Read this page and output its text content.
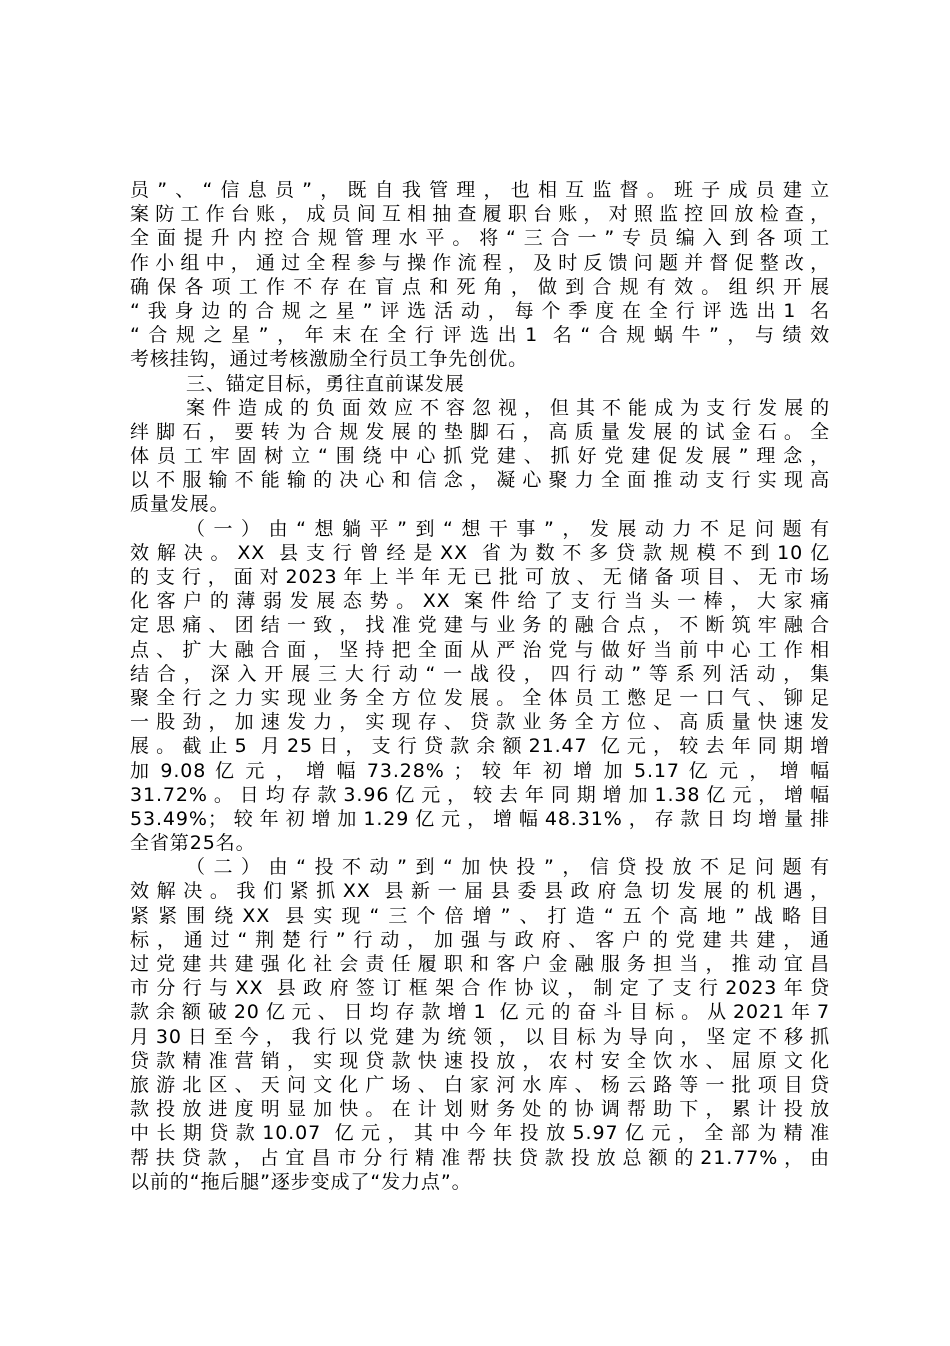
员”、“信息员”，既自我管理，也相互监督。班子成员建立
案防工作台账，成员间互相抽查履职台账，对照监控回放检查，
全面提升内控合规管理水平。将“三合一”专员编入到各项工
作小组中，通过全程参与操作流程，及时反馈问题并督促整改，
确保各项工作不存在盲点和死角，做到合规有效。组织开展
“我身边的合规之星”评选活动，每个季度在全行评选出1 名
“合规之星”，年末在全行评选出1 名“合规蜗牛”，与绩效
考核挂钩，通过考核激励全行员工争先创优。
三、锚定目标，勇往直前谋发展
案件造成的负面效应不容忽视，但其不能成为支行发展的
绊脚石，要转为合规发展的垫脚石，高质量发展的试金石。全
体员工牢固树立“围绕中心抓党建、抓好党建促发展”理念，
以不服输不能输的决心和信念，凝心聚力全面推动支行实现高
质量发展。
（一）由“想躺平”到“想干事”，发展动力不足问题有
效解决。XX 县支行曾经是XX 省为数不多贷款规模不到10亿
的支行，面对2023年上半年无已批可放、无储备项目、无市场
化客户的薄弱发展态势。XX 案件给了支行当头一棒，大家痛
定思痛、团结一致，找准党建与业务的融合点，不断筑牢融合
点、扩大融合面，坚持把全面从严治党与做好当前中心工作相
结合，深入开展三大行动“一战役，四行动”等系列活动，集
聚全行之力实现业务全方位发展。全体员工憋足一口气、铆足
一股劲，加速发力，实现存、贷款业务全方位、高质量快速发
展。截止5 月25日，支行贷款余额21.47 亿元，较去年同期增
加 9.08 亿 元 ， 增 幅 73.28% ； 较 年 初 增 加 5.17 亿 元 ， 增 幅
31.72%。日均存款3.96亿元，较去年同期增加1.38亿元，增幅
53.49%；较年初增加1.29亿元，增幅48.31%，存款日均增量排
全省第25名。
（二）由“投不动”到“加快投”，信贷投放不足问题有
效解决。我们紧抓XX 县新一届县委县政府急切发展的机遇，
紧紧围绕XX 县实现“三个倍增”、打造“五个高地”战略目
标，通过“荆楚行”行动，加强与政府、客户的党建共建，通
过党建共建强化社会责任履职和客户金融服务担当，推动宜昌
市分行与XX 县政府签订框架合作协议，制定了支行2023年贷
款余额破20亿元、日均存款增1 亿元的奋斗目标。从2021年7
月30日至今，我行以党建为统领，以目标为导向，坚定不移抓
贷款精准营销，实现贷款快速投放，农村安全饮水、屈原文化
旅游北区、天问文化广场、白家河水库、杨云路等一批项目贷
款投放进度明显加快。在计划财务处的协调帮助下，累计投放
中长期贷款10.07 亿元，其中今年投放5.97亿元，全部为精准
帮扶贷款，占宜昌市分行精准帮扶贷款投放总额的21.77%，由
以前的“拖后腿”逐步变成了“发力点”。
